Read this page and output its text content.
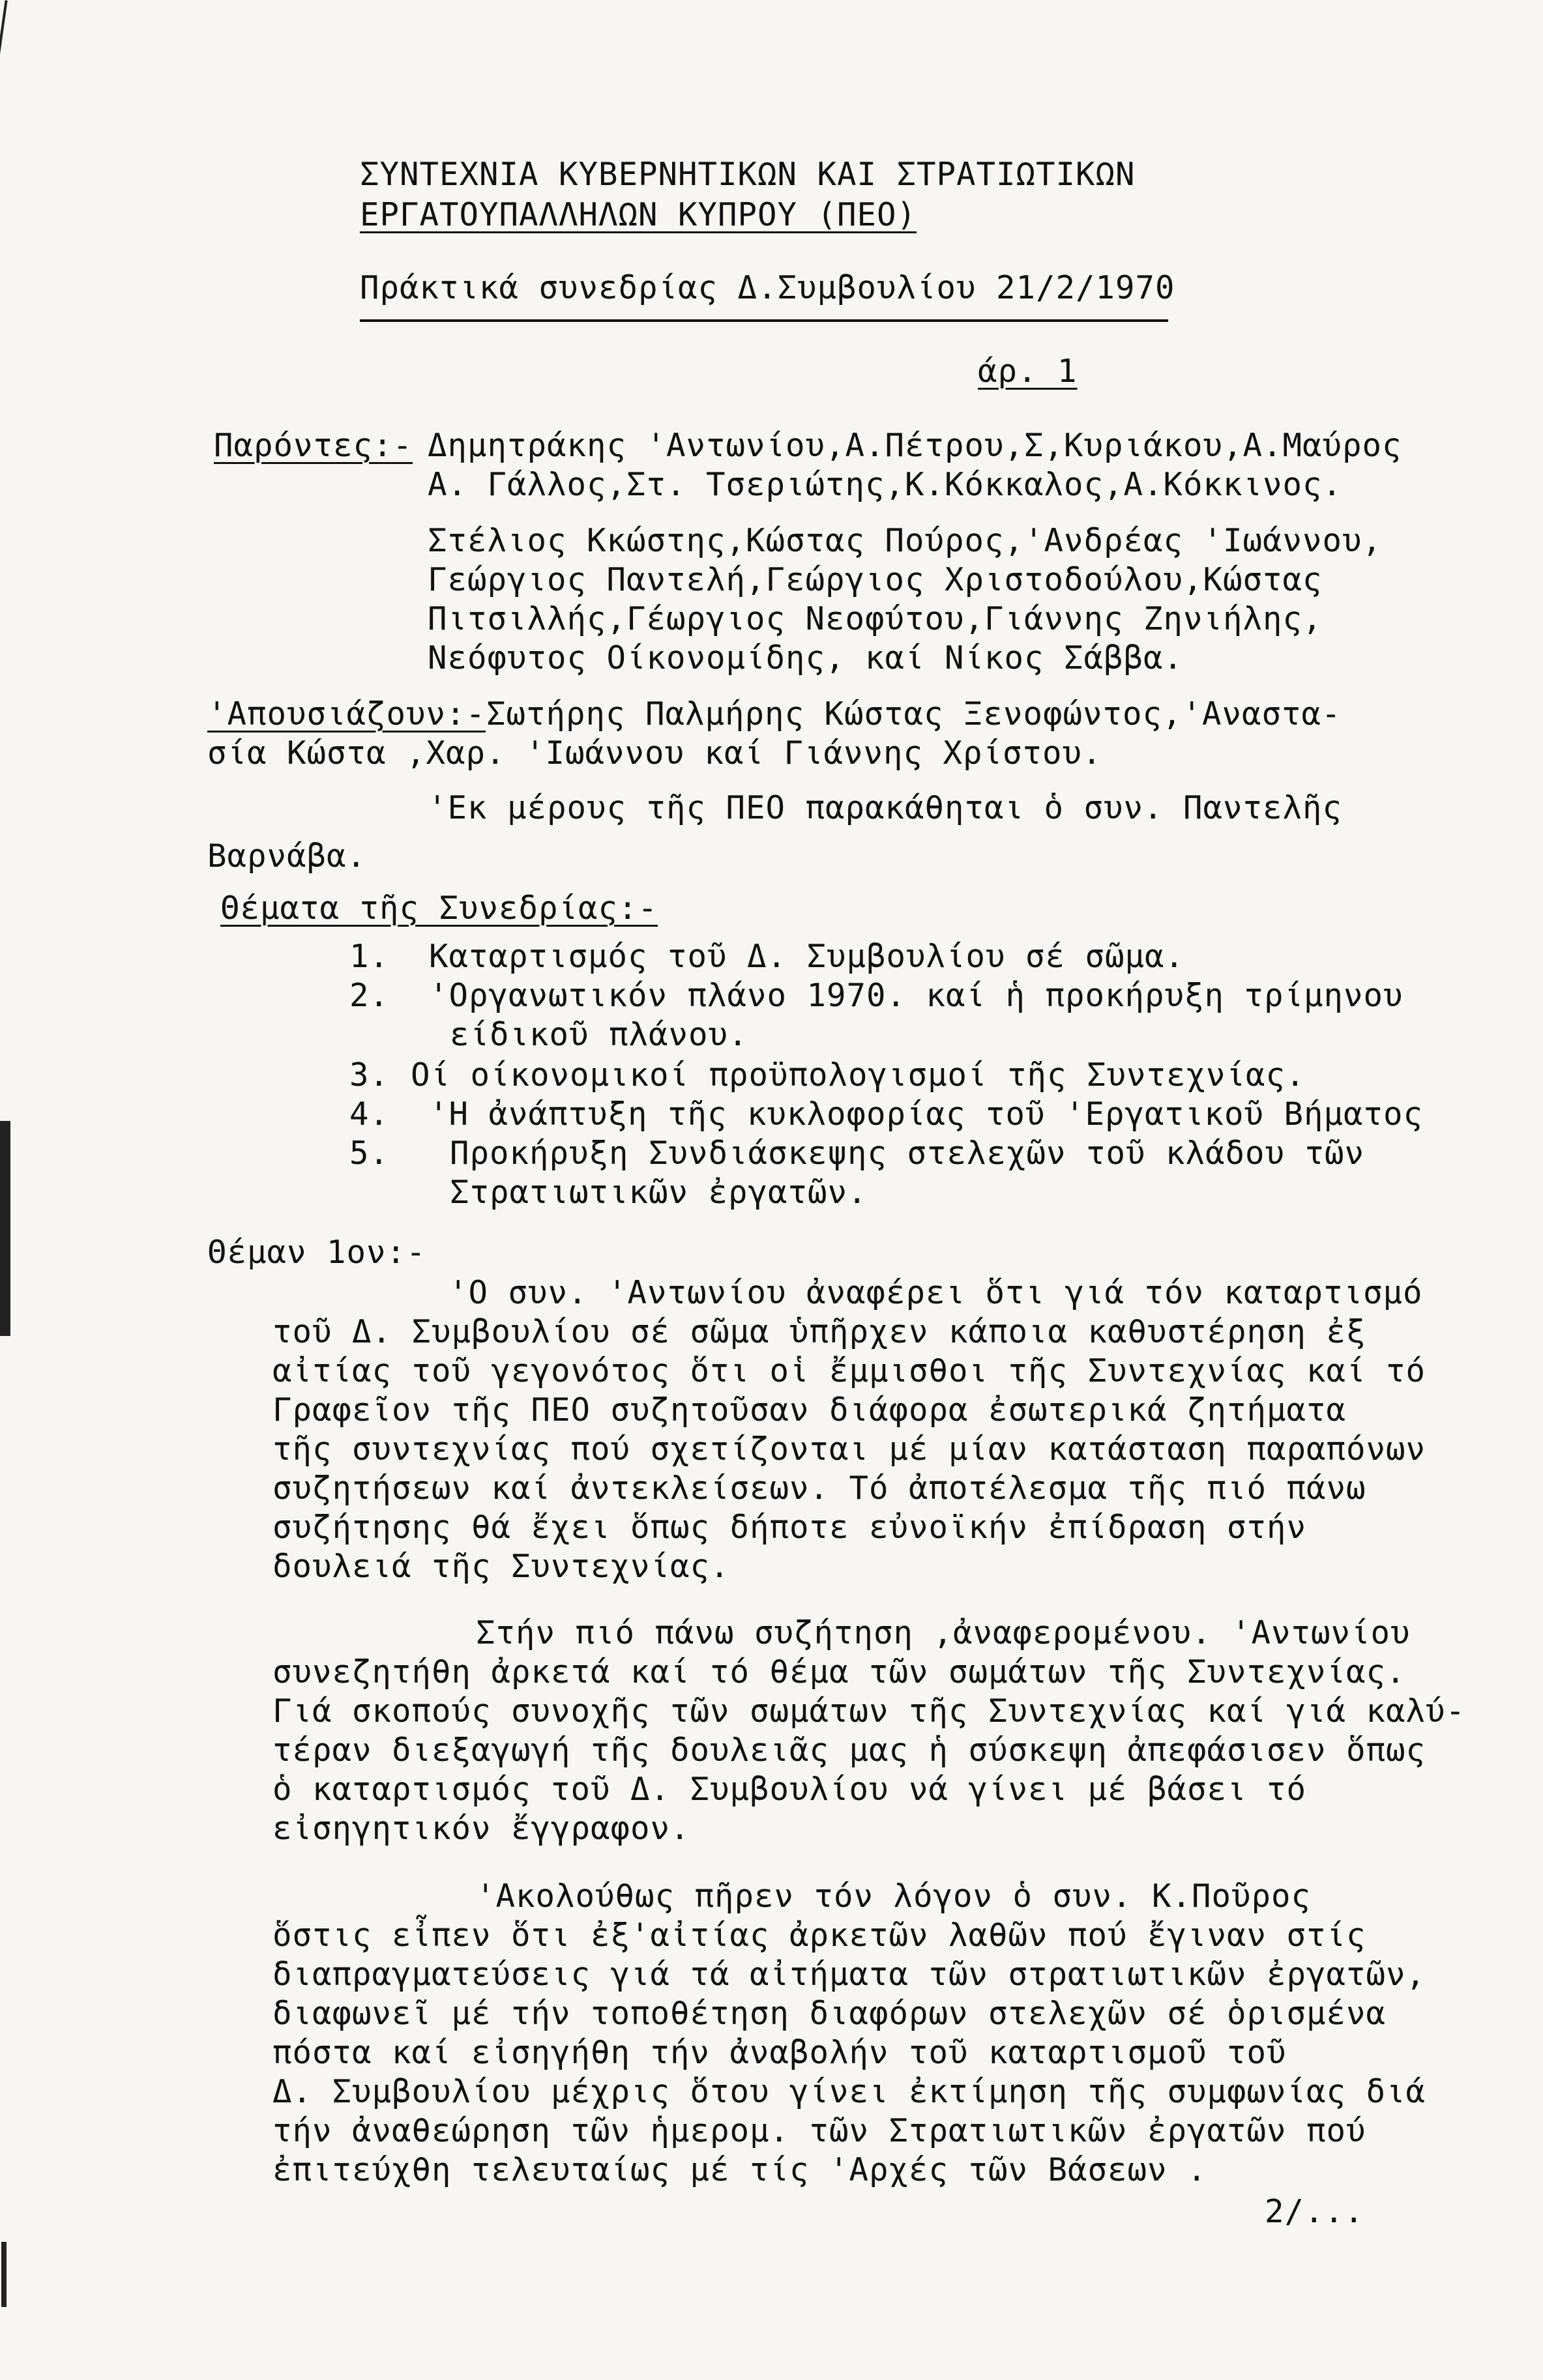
ΣΥΝΤΕΧΝΙΑ ΚΥΒΕΡΝΗΤΙΚΩΝ ΚΑΙ ΣΤΡΑΤΙΩΤΙΚΩΝ
ΕΡΓΑΤΟΥΠΑΛΛΗΛΩΝ ΚΥΠΡΟΥ (ΠΕΟ)
Πράκτικά συνεδρίας Δ.Συμβουλίου 21/2/1970
άρ. 1
Παρόντες:- Δημητράκης 'Αντωνίου,Α.Πέτρου,Σ,Κυριάκου,Α.Μαύρος
Α. Γάλλος,Στ. Τσεριώτης,Κ.Κόκκαλος,Α.Κόκκινος.
Στέλιος Κκώστης,Κώστας Πούρος,'Ανδρέας 'Ιωάννου,
Γεώργιος Παντελή,Γεώργιος Χριστοδούλου,Κώστας
Πιτσιλλής,Γέωργιος Νεοφύτου,Γιάννης Ζηνιήλης,
Νεόφυτος Οίκονομίδης, καί Νίκος Σάββα.
'Απουσιάζουν:- Σωτήρης Παλμήρης Κώστας Ξενοφώντος,'Αναστα-
σία Κώστα ,Χαρ. 'Ιωάννου καί Γιάννης Χρίστου.
'Εκ μέρους τῆς ΠΕΟ παρακάθηται ὁ συν. Παντελῆς
Βαρνάβα.
Θέματα τῆς Συνεδρίας:-
1. Καταρτισμός τοῦ Δ. Συμβουλίου σέ σῶμα.
2. 'Οργανωτικόν πλάνο 1970. καί ἡ προκήρυξη τρίμηνου
είδικοῦ πλάνου.
3. Οί οίκονομικοί προϋπολογισμοί τῆς Συντεχνίας.
4. 'Η ἀνάπτυξη τῆς κυκλοφορίας τοῦ 'Εργατικοῦ Βήματος
5. Προκήρυξη Συνδιάσκεψης στελεχῶν τοῦ κλάδου τῶν
Στρατιωτικῶν ἐργατῶν.
Θέμαν 1ον:-
'Ο συν. 'Αντωνίου ἀναφέρει ὅτι γιά τόν καταρτισμό
τοῦ Δ. Συμβουλίου σέ σῶμα ὑπῆρχεν κάποια καθυστέρηση ἐξ
αἰτίας τοῦ γεγονότος ὅτι οἱ ἔμμισθοι τῆς Συντεχνίας καί τό
Γραφεῖον τῆς ΠΕΟ συζητοῦσαν διάφορα ἐσωτερικά ζητήματα
τῆς συντεχνίας πού σχετίζονται μέ μίαν κατάσταση παραπόνων
συζητήσεων καί ἀντεκλείσεων. Τό ἀποτέλεσμα τῆς πιό πάνω
συζήτησης θά ἔχει ὅπως δήποτε εὐνοϊκήν ἐπίδραση στήν
δουλειά τῆς Συντεχνίας.
Στήν πιό πάνω συζήτηση ,ἀναφερομένου. 'Αντωνίου
συνεζητήθη ἀρκετά καί τό θέμα τῶν σωμάτων τῆς Συντεχνίας.
Γιά σκοπούς συνοχῆς τῶν σωμάτων τῆς Συντεχνίας καί γιά καλύ-
τέραν διεξαγωγή τῆς δουλειᾶς μας ἡ σύσκεψη ἀπεφάσισεν ὅπως
ὁ καταρτισμός τοῦ Δ. Συμβουλίου νά γίνει μέ βάσει τό
εἰσηγητικόν ἔγγραφον.
'Ακολούθως πῆρεν τόν λόγον ὁ συν. Κ.Ποῦρος
ὅστις εἶπεν ὅτι ἐξ'αἰτίας ἀρκετῶν λαθῶν πού ἔγιναν στίς
διαπραγματεύσεις γιά τά αἰτήματα τῶν στρατιωτικῶν ἐργατῶν,
διαφωνεῖ μέ τήν τοποθέτηση διαφόρων στελεχῶν σέ ὁρισμένα
πόστα καί εἰσηγήθη τήν ἀναβολήν τοῦ καταρτισμοῦ τοῦ
Δ. Συμβουλίου μέχρις ὅτου γίνει ἐκτίμηση τῆς συμφωνίας διά
τήν ἀναθεώρηση τῶν ἡμερομ. τῶν Στρατιωτικῶν ἐργατῶν πού
ἐπιτεύχθη τελευταίως μέ τίς 'Αρχές τῶν Βάσεων .
2/...
